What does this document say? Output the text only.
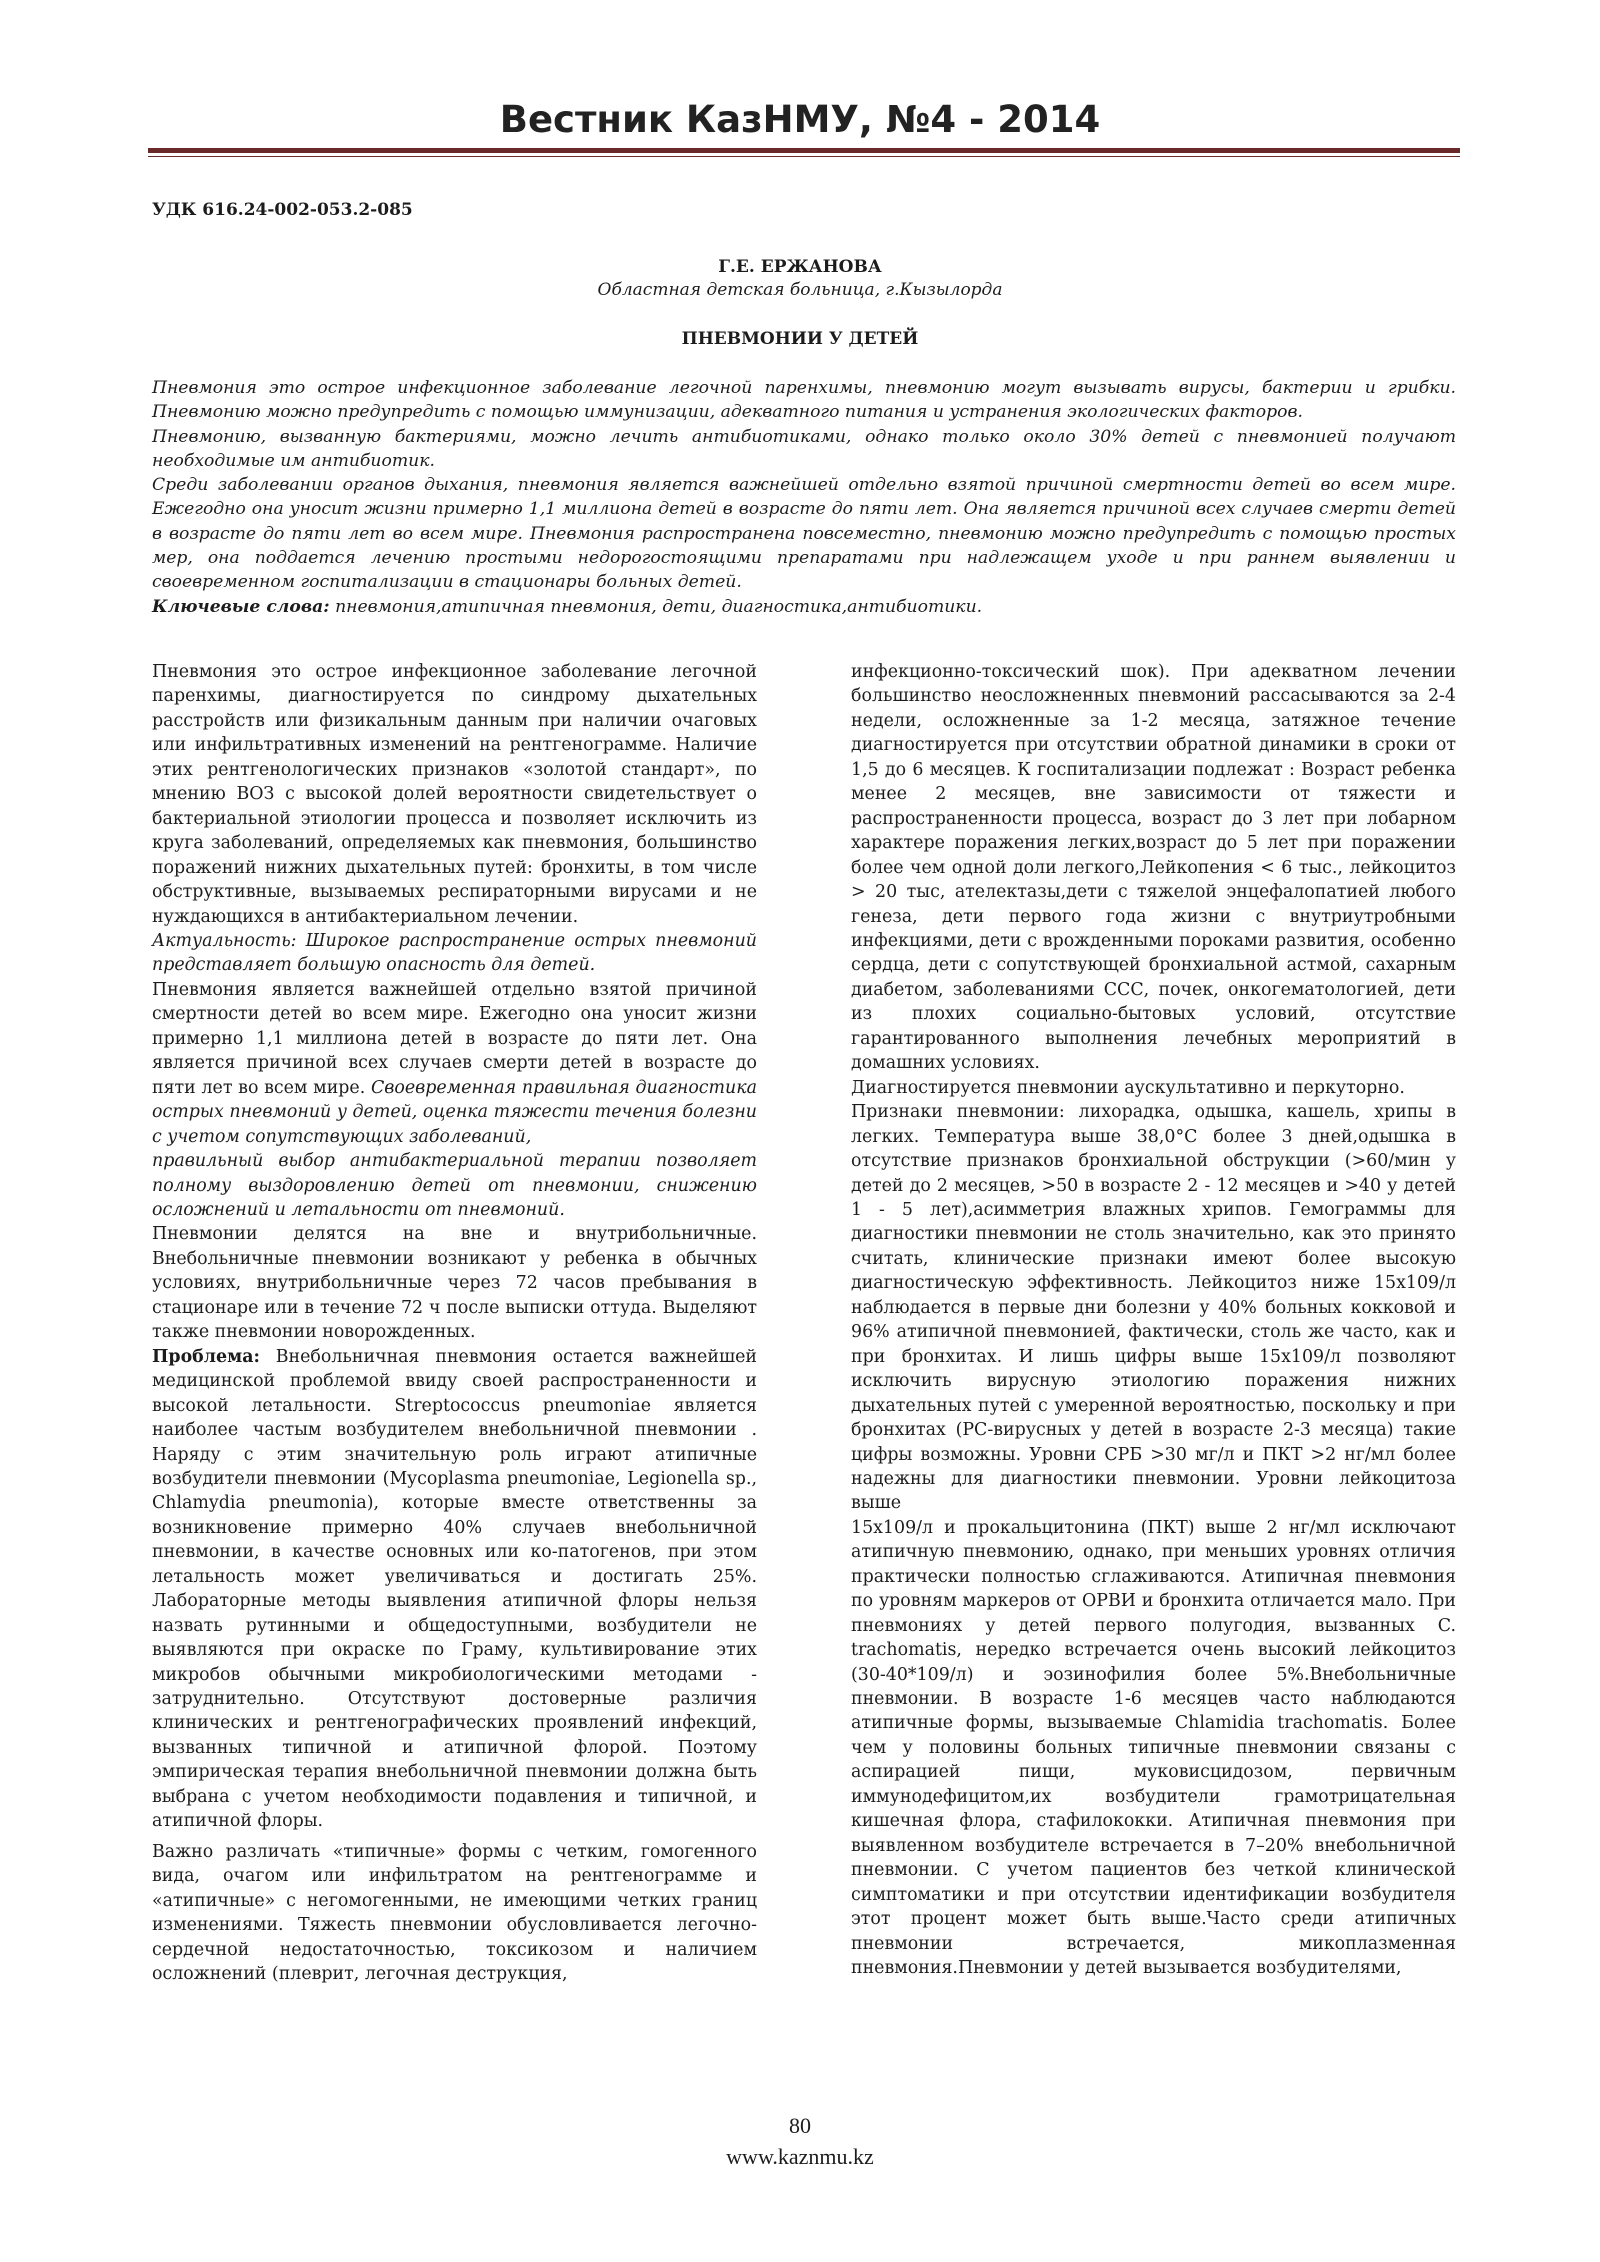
Вестник КазНМУ, №4 - 2014
УДК 616.24-002-053.2-085
Г.Е. ЕРЖАНОВА
Областная детская больница, г.Кызылорда
ПНЕВМОНИИ У ДЕТЕЙ

Пневмония это острое инфекционное заболевание легочной паренхимы, пневмонию могут вызывать вирусы, бактерии и грибки. Пневмонию можно предупредить с помощью иммунизации, адекватного питания и устранения экологических факторов.

Пневмонию, вызванную бактериями, можно лечить антибиотиками, однако только около 30% детей с пневмонией получают необходимые им антибиотик.

Среди заболевании органов дыхания, пневмония является важнейшей отдельно взятой причиной смертности детей во всем мире. Ежегодно она уносит жизни примерно 1,1 миллиона детей в возрасте до пяти лет. Она является причиной всех случаев смерти детей в возрасте до пяти лет во всем мире. Пневмония распространена повсеместно, пневмонию можно предупредить с помощью простых мер, она поддается лечению простыми недорогостоящими препаратами при надлежащем уходе и при раннем выявлении и своевременном госпитализации в стационары больных детей.

Ключевые слова: пневмония,атипичная пневмония, дети, диагностика,антибиотики.

Пневмония это острое инфекционное заболевание легочной паренхимы, диагностируется по синдрому дыхательных расстройств или физикальным данным при наличии очаговых или инфильтративных изменений на рентгенограмме. Наличие этих рентгенологических признаков «золотой стандарт», по мнению ВОЗ с высокой долей вероятности свидетельствует о бактериальной этиологии процесса и позволяет исключить из круга заболеваний, определяемых как пневмония, большинство поражений нижних дыхательных путей: бронхиты, в том числе обструктивные, вызываемых респираторными вирусами и не нуждающихся в антибактериальном лечении.

Актуальность: Широкое распространение острых пневмоний представляет большую опасность для детей.

Пневмония является важнейшей отдельно взятой причиной смертности детей во всем мире. Ежегодно она уносит жизни примерно 1,1 миллиона детей в возрасте до пяти лет. Она является причиной всех случаев смерти детей в возрасте до пяти лет во всем мире. Своевременная правильная диагностика острых пневмоний у детей, оценка тяжести течения болезни с учетом сопутствующих заболеваний,

правильный выбор антибактериальной терапии позволяет полному выздоровлению детей от пневмонии, снижению осложнений и летальности от пневмоний.

Пневмонии делятся на вне и внутрибольничные. Внебольничные пневмонии возникают у ребенка в обычных условиях, внутрибольничные через 72 часов пребывания в стационаре или в течение 72 ч после выписки оттуда. Выделяют также пневмонии новорожденных.

Проблема: Внебольничная пневмония остается важнейшей медицинской проблемой ввиду своей распространенности и высокой летальности. Streptococcus pneumoniae является наиболее частым возбудителем внебольничной пневмонии . Наряду с этим значительную роль играют атипичные возбудители пневмонии (Mycoplasma pneumoniae, Legionella sp., Chlamydia pneumonia), которые вместе ответственны за возникновение примерно 40% случаев внебольничной пневмонии, в качестве основных или ко-патогенов, при этом летальность может увеличиваться и достигать 25%. Лабораторные методы выявления атипичной флоры нельзя назвать рутинными и общедоступными, возбудители не выявляются при окраске по Граму, культивирование этих микробов обычными микробиологическими методами - затруднительно. Отсутствуют достоверные различия клинических и рентгенографических проявлений инфекций, вызванных типичной и атипичной флорой. Поэтому эмпирическая терапия внебольничной пневмонии должна быть выбрана с учетом необходимости подавления и типичной, и атипичной флоры.

Важно различать «типичные» формы с четким, гомогенного вида, очагом или инфильтратом на рентгенограмме и «атипичные» с негомогенными, не имеющими четких границ изменениями. Тяжесть пневмонии обусловливается легочно-сердечной недостаточностью, токсикозом и наличием осложнений (плеврит, легочная деструкция,

инфекционно-токсический шок). При адекватном лечении большинство неосложненных пневмоний рассасываются за 2-4 недели, осложненные за 1-2 месяца, затяжное течение диагностируется при отсутствии обратной динамики в сроки от 1,5 до 6 месяцев. К госпитализации подлежат : Возраст ребенка менее 2 месяцев, вне зависимости от тяжести и распространенности процесса, возраст до 3 лет при лобарном характере поражения легких,возраст до 5 лет при поражении более чем одной доли легкого,Лейкопения < 6 тыс., лейкоцитоз > 20 тыс, ателектазы,дети с тяжелой энцефалопатией любого генеза, дети первого года жизни с внутриутробными инфекциями, дети с врожденными пороками развития, особенно сердца, дети с сопутствующей бронхиальной астмой, сахарным диабетом, заболеваниями ССС, почек, онкогематологией, дети из плохих социально-бытовых условий, отсутствие гарантированного выполнения лечебных мероприятий в домашних условиях.

Диагностируется пневмонии аускультативно и перкуторно.

Признаки пневмонии: лихорадка, одышка, кашель, хрипы в легких. Температура выше 38,0°С более 3 дней,одышка в отсутствие признаков бронхиальной обструкции (>60/мин у детей до 2 месяцев, >50 в возрасте 2 - 12 месяцев и >40 у детей 1 - 5 лет),асимметрия влажных хрипов. Гемограммы для диагностики пневмонии не столь значительно, как это принято считать, клинические признаки имеют более высокую диагностическую эффективность. Лейкоцитоз ниже 15х109/л наблюдается в первые дни болезни у 40% больных кокковой и 96% атипичной пневмонией, фактически, столь же часто, как и при бронхитах. И лишь цифры выше 15х109/л позволяют исключить вирусную этиологию поражения нижних дыхательных путей с умеренной вероятностью, поскольку и при бронхитах (РС-вирусных у детей в возрасте 2-3 месяца) такие цифры возможны. Уровни СРБ >30 мг/л и ПКТ >2 нг/мл более надежны для диагностики пневмонии. Уровни лейкоцитоза выше

15х109/л и прокальцитонина (ПКТ) выше 2 нг/мл исключают атипичную пневмонию, однако, при меньших уровнях отличия практически полностью сглаживаются. Атипичная пневмония по уровням маркеров от ОРВИ и бронхита отличается мало. При пневмониях у детей первого полугодия, вызванных C. trachomatis, нередко встречается очень высокий лейкоцитоз (30-40*109/л) и эозинофилия более 5%.Внебольничные пневмонии. В возрасте 1-6 месяцев часто наблюдаются атипичные формы, вызываемые Chlamidia trachomatis. Более чем у половины больных типичные пневмонии связаны с аспирацией пищи, муковисцидозом, первичным иммунодефицитом,их возбудители грамотрицательная кишечная флора, стафилококки. Атипичная пневмония при выявленном возбудителе встречается в 7–20% внебольничной пневмонии. С учетом пациентов без четкой клинической симптоматики и при отсутствии идентификации возбудителя этот процент может быть выше.Часто среди атипичных пневмонии встречается, микоплазменная пневмония.Пневмонии у детей вызывается возбудителями,

80
www.kaznmu.kz
